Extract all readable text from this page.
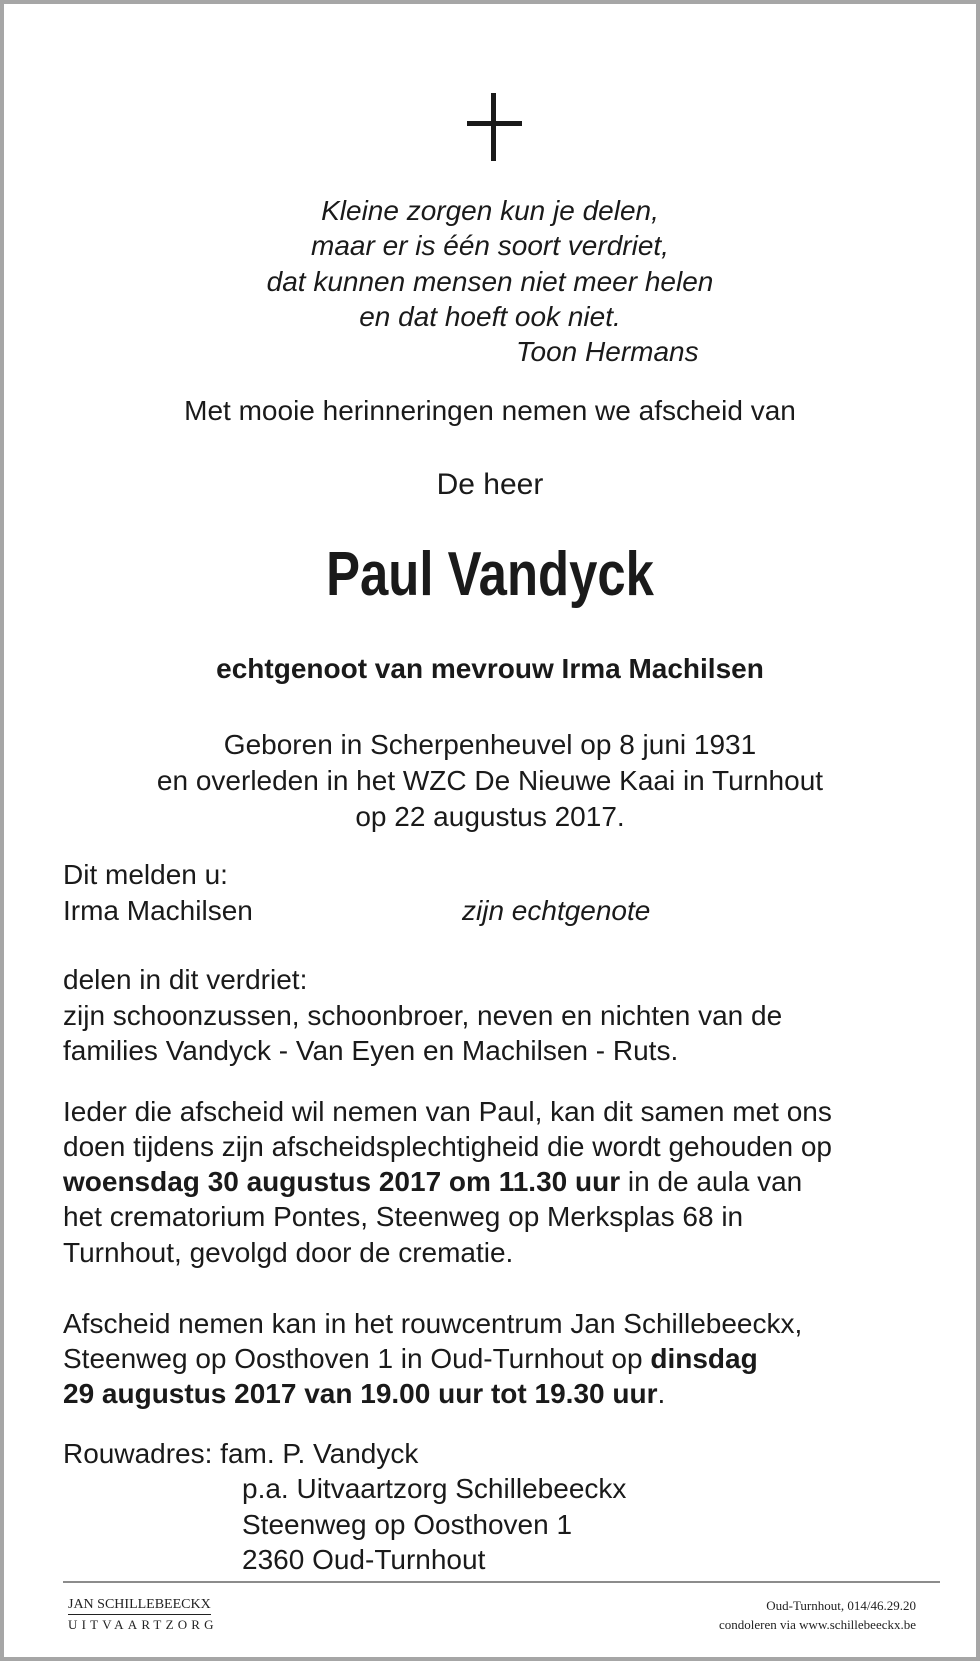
Kleine zorgen kun je delen,
maar er is één soort verdriet,
dat kunnen mensen niet meer helen
en dat hoeft ook niet.
Toon Hermans
Met mooie herinneringen nemen we afscheid van
De heer
Paul Vandyck
echtgenoot van mevrouw Irma Machilsen
Geboren in Scherpenheuvel op 8 juni 1931
en overleden in het WZC De Nieuwe Kaai in Turnhout
op 22 augustus 2017.
Dit melden u:
Irma Machilsen	zijn echtgenote
delen in dit verdriet:
zijn schoonzussen, schoonbroer, neven en nichten van de
families Vandyck - Van Eyen en Machilsen - Ruts.
Ieder die afscheid wil nemen van Paul, kan dit samen met ons
doen tijdens zijn afscheidsplechtigheid die wordt gehouden op
woensdag 30 augustus 2017 om 11.30 uur in de aula van
het crematorium Pontes, Steenweg op Merksplas 68 in
Turnhout, gevolgd door de crematie.
Afscheid nemen kan in het rouwcentrum Jan Schillebeeckx,
Steenweg op Oosthoven 1 in Oud-Turnhout op dinsdag
29 augustus 2017 van 19.00 uur tot 19.30 uur.
Rouwadres: fam. P. Vandyck
p.a. Uitvaartzorg Schillebeeckx
Steenweg op Oosthoven 1
2360 Oud-Turnhout
JAN SCHILLEBEECKX
UITVAARTZORG
Oud-Turnhout, 014/46.29.20
condoleren via www.schillebeeckx.be
